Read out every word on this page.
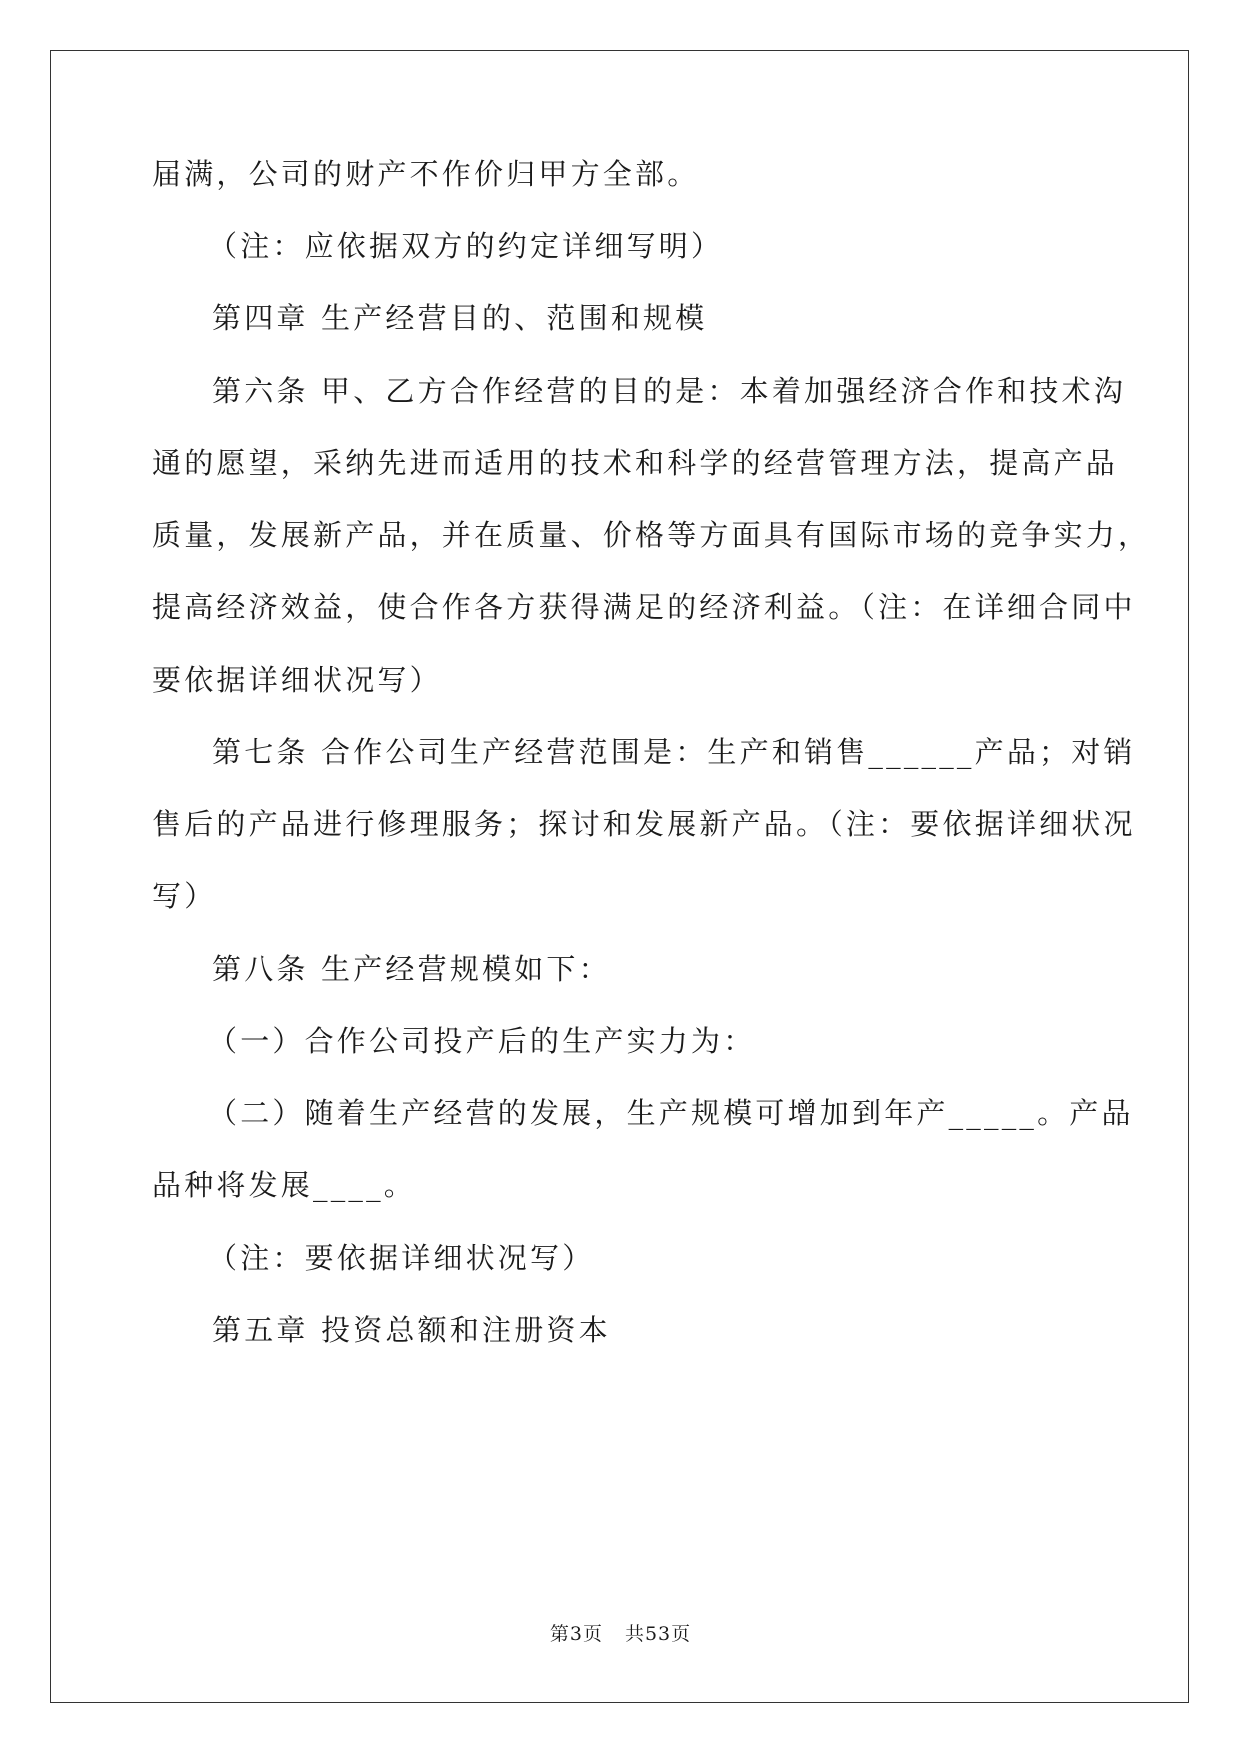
届满，公司的财产不作价归甲方全部。
（注：应依据双方的约定详细写明）
第四章 生产经营目的、范围和规模
第六条 甲、乙方合作经营的目的是：本着加强经济合作和技术沟
通的愿望，采纳先进而适用的技术和科学的经营管理方法，提高产品
质量，发展新产品，并在质量、价格等方面具有国际市场的竞争实力，
提高经济效益，使合作各方获得满足的经济利益。（注：在详细合同中
要依据详细状况写）
第七条 合作公司生产经营范围是：生产和销售______产品；对销
售后的产品进行修理服务；探讨和发展新产品。（注：要依据详细状况
写）
第八条 生产经营规模如下：
（一）合作公司投产后的生产实力为：
（二）随着生产经营的发展，生产规模可增加到年产_____。产品
品种将发展____。
（注：要依据详细状况写）
第五章 投资总额和注册资本
第3页 共53页
